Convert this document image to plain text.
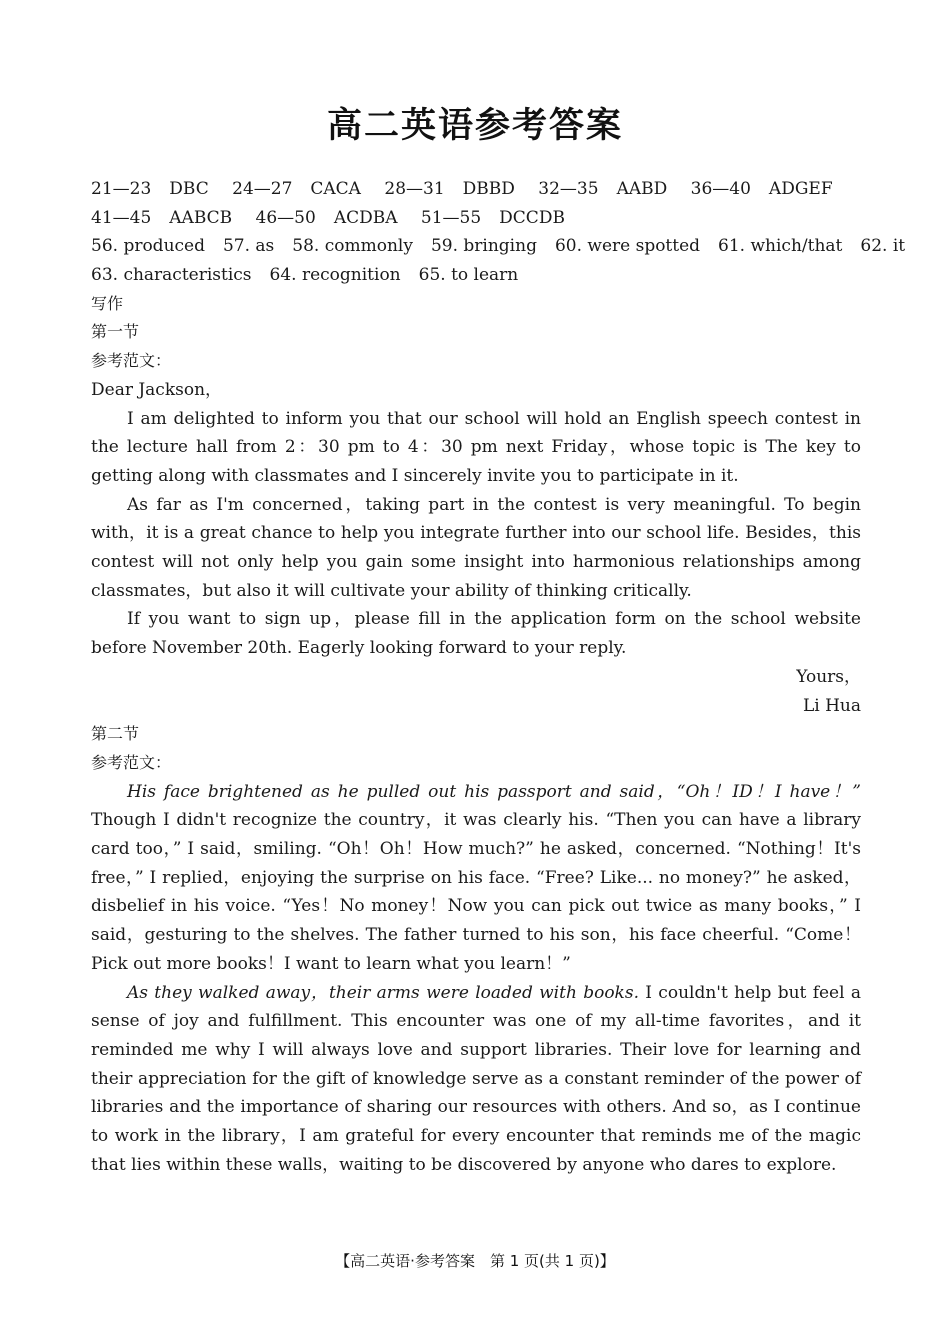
高二英语参考答案
21—23 DBC 24—27 CACA 28—31 DBBD 32—35 AABD 36—40 ADGEF
41—45 AABCB 46—50 ACDBA 51—55 DCCDB
56. produced 57. as 58. commonly 59. bringing 60. were spotted 61. which/that 62. it
63. characteristics 64. recognition 65. to learn
写作
第一节
参考范文：
Dear Jackson，

I am delighted to inform you that our school will hold an English speech contest in the lecture hall from 2：30 pm to 4：30 pm next Friday，whose topic is The key to getting along with classmates and I sincerely invite you to participate in it.

As far as I'm concerned，taking part in the contest is very meaningful. To begin with，it is a great chance to help you integrate further into our school life. Besides，this contest will not only help you gain some insight into harmonious relationships among classmates，but also it will cultivate your ability of thinking critically.

If you want to sign up，please fill in the application form on the school website before November 20th. Eagerly looking forward to your reply.

Yours，
Li Hua
第二节
参考范文：

His face brightened as he pulled out his passport and said，“Oh！ID！I have！” Though I didn't recognize the country，it was clearly his. “Then you can have a library card too，” I said，smiling. “Oh！Oh！How much?” he asked，concerned. “Nothing！It's free，” I replied，enjoying the surprise on his face. “Free? Like... no money?” he asked，disbelief in his voice. “Yes！No money！Now you can pick out twice as many books，” I said，gesturing to the shelves. The father turned to his son，his face cheerful. “Come！Pick out more books！I want to learn what you learn！”

As they walked away，their arms were loaded with books. I couldn't help but feel a sense of joy and fulfillment. This encounter was one of my all-time favorites，and it reminded me why I will always love and support libraries. Their love for learning and their appreciation for the gift of knowledge serve as a constant reminder of the power of libraries and the importance of sharing our resources with others. And so，as I continue to work in the library，I am grateful for every encounter that reminds me of the magic that lies within these walls，waiting to be discovered by anyone who dares to explore.

【高二英语·参考答案　第 1 页(共 1 页)】
